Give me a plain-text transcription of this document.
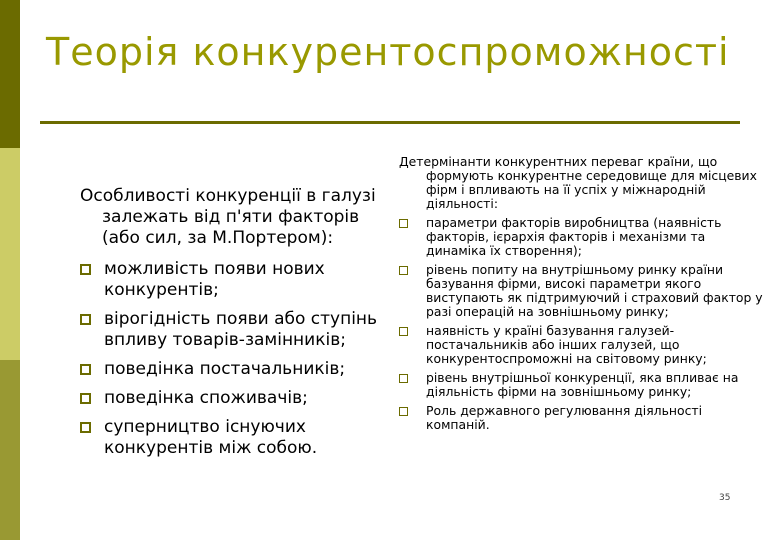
Теорія конкурентоспроможності

Особливості конкуренції в галузі залежать від п'яти факторів (або сил, за М.Портером):

можливість появи нових конкурентів;
вірогідність появи або ступінь впливу товарів-замінників;
поведінка постачальників;
поведінка споживачів;
суперництво існуючих конкурентів між собою.

Детермінанти конкурентних переваг країни, що формують конкурентне середовище для місцевих фірм і впливають на її успіх у міжнародній діяльності:

параметри факторів виробництва (наявність факторів, ієрархія факторів і механізми та динаміка їх створення);
рівень попиту на внутрішньому ринку країни базування фірми, високі параметри якого виступають як підтримуючий і страховий фактор у разі операцій на зовнішньому ринку;
наявність у країні базування галузей-постачальників або інших галузей, що конкурентоспроможні на світовому ринку;
рівень внутрішньої конкуренції, яка впливає на діяльність фірми на зовнішньому ринку;
Роль державного регулювання діяльності компаній.
35
